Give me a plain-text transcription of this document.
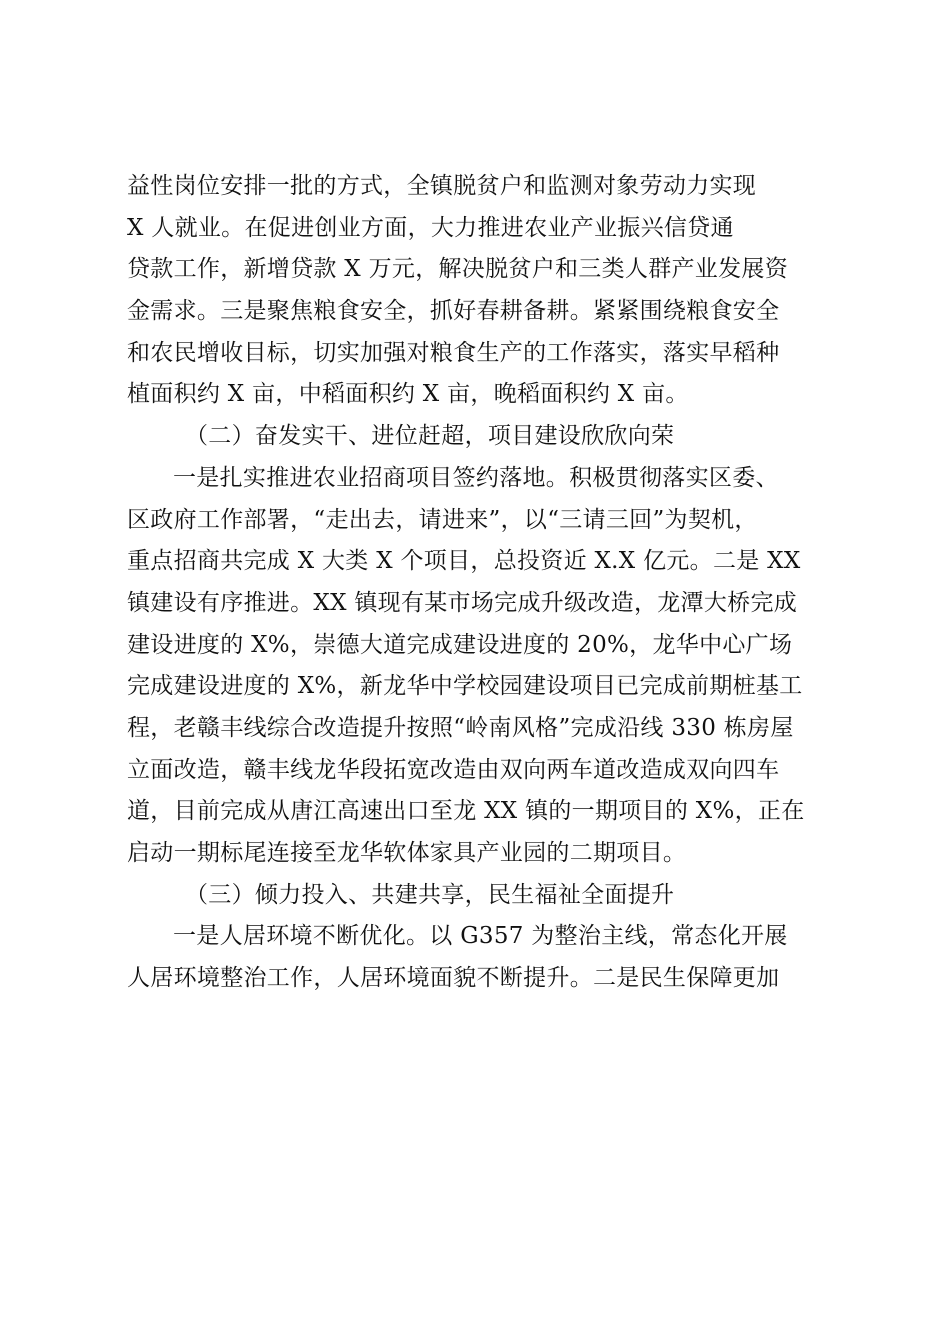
益性岗位安排一批的方式，全镇脱贫户和监测对象劳动力实现
X 人就业。在促进创业方面，大力推进农业产业振兴信贷通
贷款工作，新增贷款 X 万元，解决脱贫户和三类人群产业发展资
金需求。三是聚焦粮食安全，抓好春耕备耕。紧紧围绕粮食安全
和农民增收目标，切实加强对粮食生产的工作落实，落实早稻种
植面积约 X 亩，中稻面积约 X 亩，晚稻面积约 X 亩。
（二）奋发实干、进位赶超，项目建设欣欣向荣
一是扎实推进农业招商项目签约落地。积极贯彻落实区委、
区政府工作部署，“走出去，请进来”，以“三请三回”为契机，
重点招商共完成 X 大类 X 个项目，总投资近 X.X 亿元。二是 XX
镇建设有序推进。XX 镇现有某市场完成升级改造，龙潭大桥完成
建设进度的 X%，崇德大道完成建设进度的 20%，龙华中心广场
完成建设进度的 X%，新龙华中学校园建设项目已完成前期桩基工
程，老赣丰线综合改造提升按照“岭南风格”完成沿线 330 栋房屋
立面改造，赣丰线龙华段拓宽改造由双向两车道改造成双向四车
道，目前完成从唐江高速出口至龙 XX 镇的一期项目的 X%，正在
启动一期标尾连接至龙华软体家具产业园的二期项目。
（三）倾力投入、共建共享，民生福祉全面提升
一是人居环境不断优化。以 G357 为整治主线，常态化开展
人居环境整治工作，人居环境面貌不断提升。二是民生保障更加
